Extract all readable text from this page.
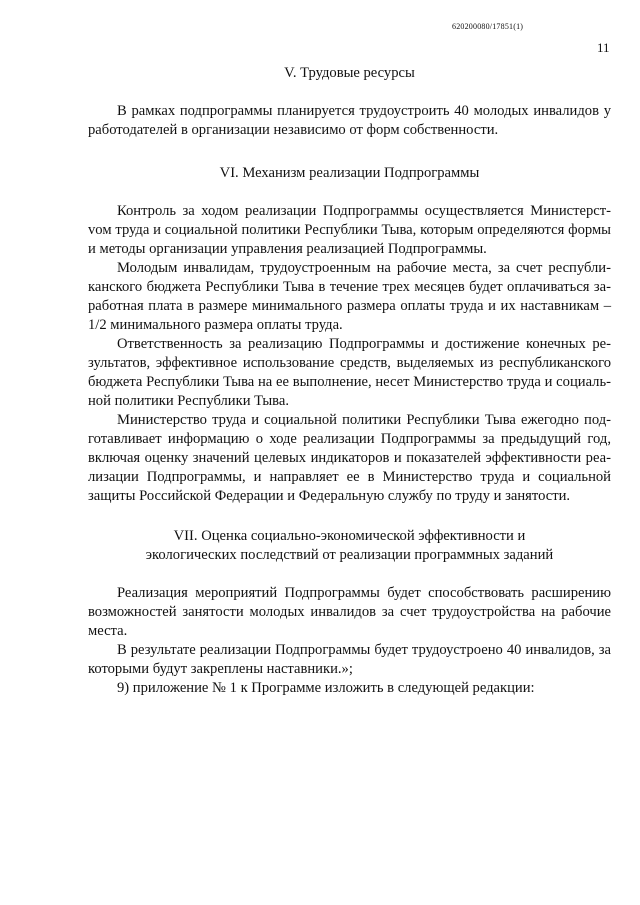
620200080/17851(1)
11

V. Трудовые ресурсы

В рамках подпрограммы планируется трудоустроить 40 молодых инвалидов у работодателей в организации независимо от форм собственности.

VI. Механизм реализации Подпрограммы

Контроль за ходом реализации Подпрограммы осуществляется Министерстvом труда и социальной политики Республики Тыва, которым определяются формы и методы организации управления реализацией Подпрограммы.

Молодым инвалидам, трудоустроенным на рабочие места, за счет республиканского бюджета Республики Тыва в течение трех месяцев будет оплачиваться заработная плата в размере минимального размера оплаты труда и их наставникам – 1/2 минимального размера оплаты труда.

Ответственность за реализацию Подпрограммы и достижение конечных результатов, эффективное использование средств, выделяемых из республиканского бюджета Республики Тыва на ее выполнение, несет Министерство труда и социальной политики Республики Тыва.

Министерство труда и социальной политики Республики Тыва ежегодно подготавливает информацию о ходе реализации Подпрограммы за предыдущий год, включая оценку значений целевых индикаторов и показателей эффективности реализации Подпрограммы, и направляет ее в Министерство труда и социальной защиты Российской Федерации и Федеральную службу по труду и занятости.

VII. Оценка социально-экономической эффективности и

экологических последствий от реализации программных заданий

Реализация мероприятий Подпрограммы будет способствовать расширению возможностей занятости молодых инвалидов за счет трудоустройства на рабочие места.

В результате реализации Подпрограммы будет трудоустроено 40 инвалидов, за которыми будут закреплены наставники.»;

9) приложение № 1 к Программе изложить в следующей редакции:
